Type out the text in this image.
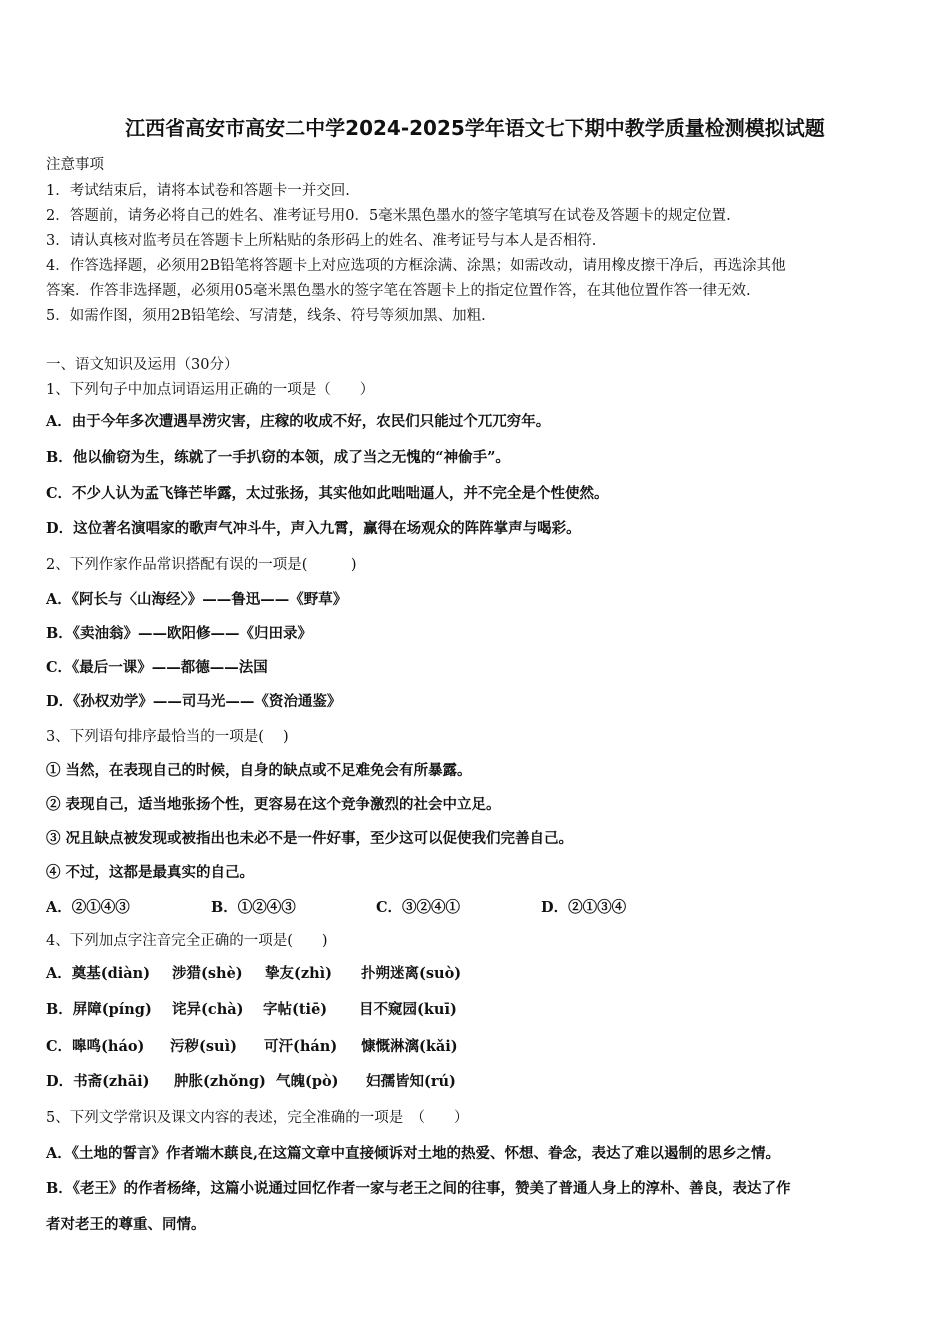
江西省高安市高安二中学2024-2025学年语文七下期中教学质量检测模拟试题
注意事项
1．考试结束后，请将本试卷和答题卡一并交回.
2．答题前，请务必将自己的姓名、准考证号用0．5毫米黑色墨水的签字笔填写在试卷及答题卡的规定位置.
3．请认真核对监考员在答题卡上所粘贴的条形码上的姓名、准考证号与本人是否相符.
4．作答选择题，必须用2B铅笔将答题卡上对应选项的方框涂满、涂黑；如需改动，请用橡皮擦干净后，再选涂其他
答案．作答非选择题，必须用05毫米黑色墨水的签字笔在答题卡上的指定位置作答，在其他位置作答一律无效.
5．如需作图，须用2B铅笔绘、写清楚，线条、符号等须加黑、加粗.
一、语文知识及运用（30分）
1、下列句子中加点词语运用正确的一项是（　　）
A．由于今年多次遭遇旱涝灾害，庄稼的收成不好，农民们只能过个兀兀穷年。
B．他以偷窃为生，练就了一手扒窃的本领，成了当之无愧的“神偷手”。
C．不少人认为孟飞锋芒毕露，太过张扬，其实他如此咄咄逼人，并不完全是个性使然。
D．这位著名演唱家的歌声气冲斗牛，声入九霄，赢得在场观众的阵阵掌声与喝彩。
2、下列作家作品常识搭配有误的一项是(　　　)
A．《阿长与〈山海经〉》——鲁迅——《野草》
B．《卖油翁》——欧阳修——《归田录》
C．《最后一课》——都德——法国
D．《孙权劝学》——司马光——《资治通鉴》
3、下列语句排序最恰当的一项是(　 )
① 当然，在表现自己的时候，自身的缺点或不足难免会有所暴露。
② 表现自己，适当地张扬个性，更容易在这个竞争激烈的社会中立足。
③ 况且缺点被发现或被指出也未必不是一件好事，至少这可以促使我们完善自己。
④ 不过，这都是最真实的自己。
A．②①④③	B．①②④③	C．③②④①	D．②①③④
4、下列加点字注音完全正确的一项是(　　)
A．奠基(diàn) 涉猎(shè) 挚友(zhì) 扑朔迷离(suò)
B．屏障(píng) 诧异(chà) 字帖(tiē) 目不窥园(kuī)
C．嗥鸣(háo) 污秽(suì) 可汗(hán) 慷慨淋漓(kǎi)
D．书斋(zhāi) 肿胀(zhǒng) 气魄(pò) 妇孺皆知(rú)
5、下列文学常识及课文内容的表述，完全准确的一项是　（　　）
A．《土地的誓言》作者端木蕻良,在这篇文章中直接倾诉对土地的热爱、怀想、眷念，表达了难以遏制的思乡之情。
B．《老王》的作者杨绛，这篇小说通过回忆作者一家与老王之间的往事，赞美了普通人身上的淳朴、善良，表达了作
者对老王的尊重、同情。
